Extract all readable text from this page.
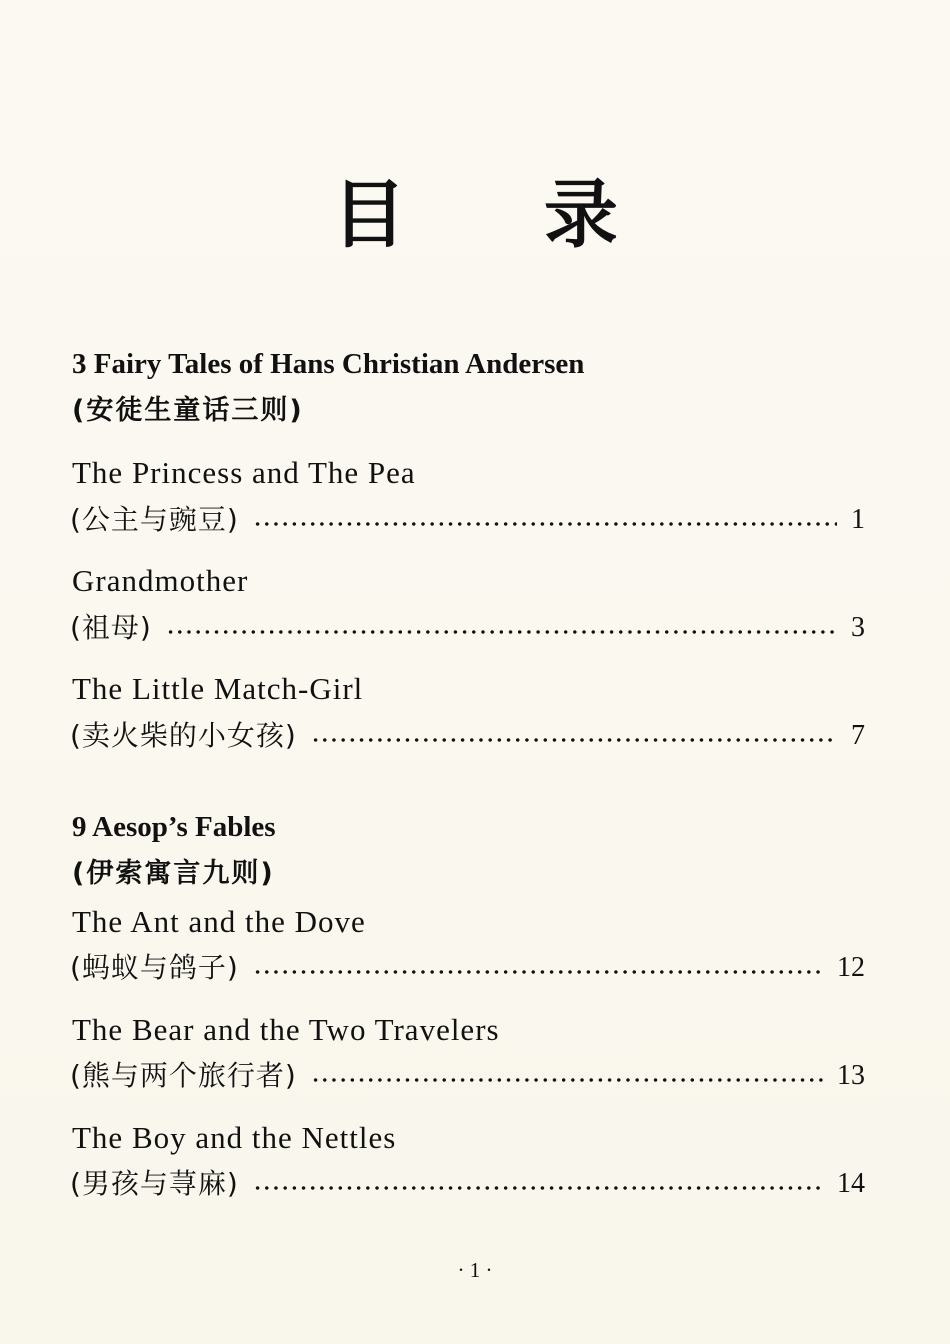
目 录
3 Fairy Tales of Hans Christian Andersen
(安徒生童话三则)
The Princess and The Pea
(公主与豌豆)	1
Grandmother
(祖母)	3
The Little Match-Girl
(卖火柴的小女孩)	7
9 Aesop’s Fables
(伊索寓言九则)
The Ant and the Dove
(蚂蚁与鸽子)	12
The Bear and the Two Travelers
(熊与两个旅行者)	13
The Boy and the Nettles
(男孩与荨麻)	14
· 1 ·
